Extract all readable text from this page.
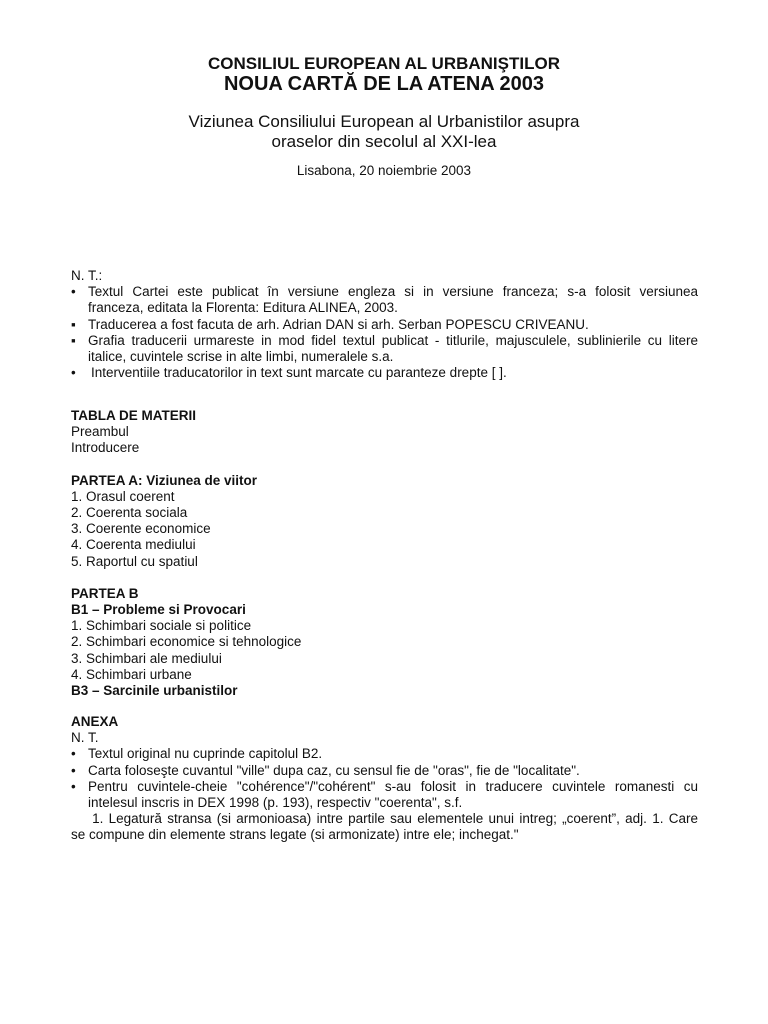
CONSILIUL EUROPEAN AL URBANIŞTILOR
NOUA CARTĂ DE LA ATENA 2003
Viziunea Consiliului European al Urbanistilor asupra
oraselor din secolul al XXI-lea
Lisabona, 20 noiembrie 2003
N. T.:
• Textul Cartei este publicat în versiune engleza si in versiune franceza; s-a folosit versiunea
franceza, editata la Florenta: Editura ALINEA, 2003.
▪ Traducerea a fost facuta de arh. Adrian DAN si arh. Serban POPESCU CRIVEANU.
▪ Grafia traducerii urmareste in mod fidel textul publicat - titlurile, majusculele, sublinierile cu litere
italice, cuvintele scrise in alte limbi, numeralele s.a.
• Interventiile traducatorilor in text sunt marcate cu paranteze drepte [ ].
TABLA DE MATERII
Preambul
Introducere
PARTEA A: Viziunea de viitor
1. Orasul coerent
2. Coerenta sociala
3. Coerente economice
4. Coerenta mediului
5. Raportul cu spatiul
PARTEA B
B1 – Probleme si Provocari
1. Schimbari sociale si politice
2. Schimbari economice si tehnologice
3. Schimbari ale mediului
4. Schimbari urbane
B3 – Sarcinile urbanistilor
ANEXA
N. T.
• Textul original nu cuprinde capitolul B2.
• Carta foloseşte cuvantul "ville" dupa caz, cu sensul fie de "oras", fie de "localitate".
• Pentru cuvintele-cheie "cohérence"/"cohérent" s-au folosit in traducere cuvintele romanesti cu
intelesul inscris in DEX 1998 (p. 193), respectiv "coerenta", s.f.
1. Legatură stransa (si armonioasa) intre partile sau elementele unui intreg; „coerent”, adj. 1. Care
se compune din elemente strans legate (si armonizate) intre ele; inchegat."
